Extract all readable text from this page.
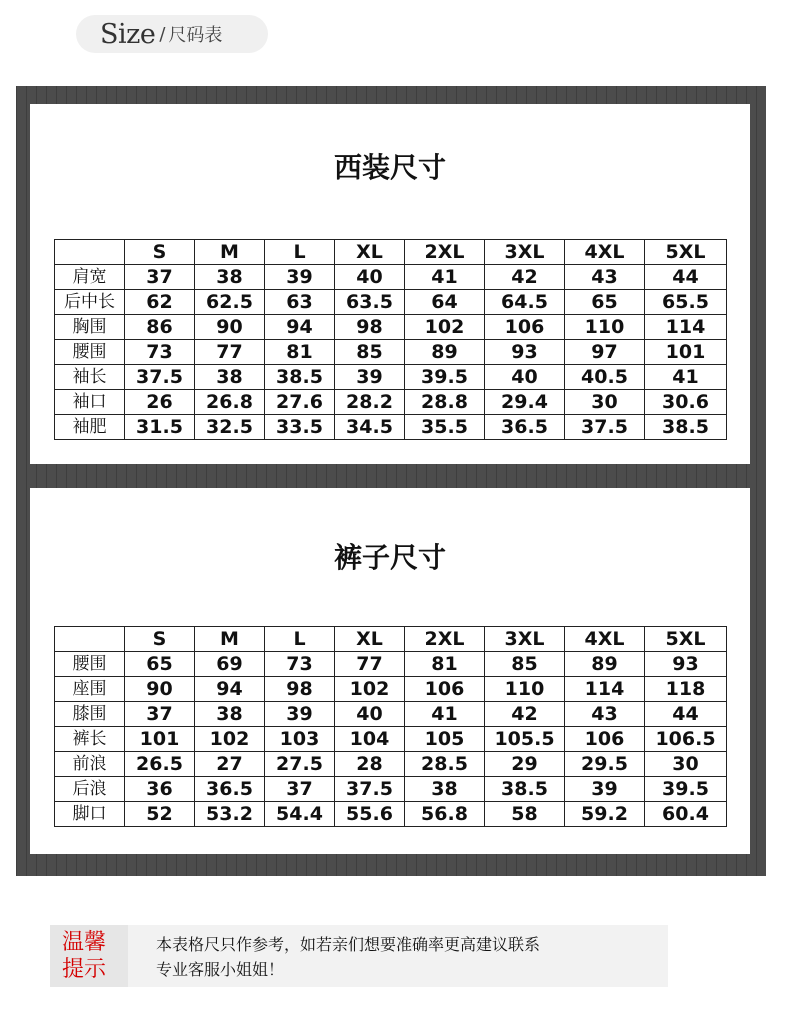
Size / 尺码表
西装尺寸
	S	M	L	XL	2XL	3XL	4XL	5XL
肩宽	37	38	39	40	41	42	43	44
后中长	62	62.5	63	63.5	64	64.5	65	65.5
胸围	86	90	94	98	102	106	110	114
腰围	73	77	81	85	89	93	97	101
袖长	37.5	38	38.5	39	39.5	40	40.5	41
袖口	26	26.8	27.6	28.2	28.8	29.4	30	30.6
袖肥	31.5	32.5	33.5	34.5	35.5	36.5	37.5	38.5
裤子尺寸
	S	M	L	XL	2XL	3XL	4XL	5XL
腰围	65	69	73	77	81	85	89	93
座围	90	94	98	102	106	110	114	118
膝围	37	38	39	40	41	42	43	44
裤长	101	102	103	104	105	105.5	106	106.5
前浪	26.5	27	27.5	28	28.5	29	29.5	30
后浪	36	36.5	37	37.5	38	38.5	39	39.5
脚口	52	53.2	54.4	55.6	56.8	58	59.2	60.4
温馨
提示
本表格尺只作参考，如若亲们想要准确率更高建议联系
专业客服小姐姐！
